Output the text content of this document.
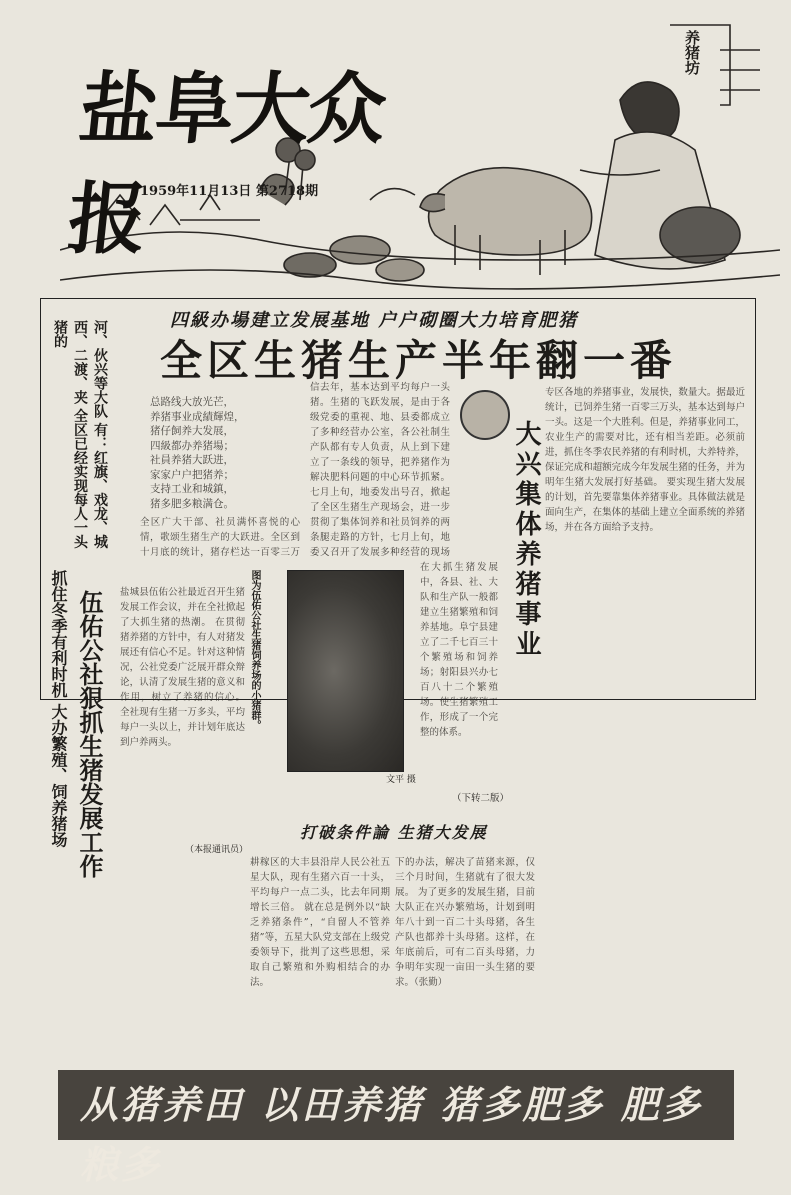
盐阜大众报
1959年11月13日 第2718期
养猪坊
四級办場建立发展基地 户户砌圈大力培育肥猪
全区生猪生产半年翻一番
河、伙兴等大队 有：红旗、戏龙、城西、二渡、夹 全区已经实现每人一头猪的
总路线大放光芒，
养猪事业成績輝煌，
猪仔飼养大发展，
四級都办养猪場；
社員养猪大跃进，
家家户户把猪养；
支持工业和城鎮，
猪多肥多粮满仓。
全区广大干部、社员满怀喜悦的心情，歌颂生猪生产的大跃进。全区到十月底的统计，猪存栏达一百零三万
信去年，基本达到平均每户一头猪。生猪的飞跃发展，是由于各级党委的重视、地、县委都成立了多种经营办公室，各公社制生产队都有专人负责，从上到下建立了一条线的领导，把养猪作为解决肥料问题的中心环节抓紧。七月上旬，地委发出号召，掀起了全区生猪生产现场会，进一步贯彻了集体饲养和社员饲养的两条腿走路的方针，七月上旬，地委又召开了发展多种经营的现场
在大抓生猪发展中，各县、社、大队和生产队一般都建立生猪繁殖和饲养基地。阜宁县建立了二千七百三十个繁殖场和饲养场；射阳县兴办七百八十二个繁殖场。使生猪繁殖工作，形成了一个完整的体系。
（下转二版）
大兴集体养猪事业
专区各地的养猪事业，发展快，数量大。据最近统计，已饲养生猪一百零三万头，基本达到每户一头。这是一个大胜利。但是，养猪事业同工，农业生产的需要对比，还有相当差距。必须前进，抓住冬季农民养猪的有利时机，大养特养，保证完成和超额完成今年发展生猪的任务，并为明年生猪大发展打好基础。 要实现生猪大发展的计划，首先要靠集体养猪事业。具体做法就是面向生产，在集体的基础上建立全面系统的养猪场，并在各方面给予支持。
抓住冬季有利时机 大办繁殖、饲养猪场 伍佑公社狠抓生猪发展工作 盐城县伍佑公社最近召开生猪发展工作会议，并在全社掀起了大抓生猪的热潮。 在贯彻猪养猪的方针中，有人对猪发展还有信心不足。针对这种情况，公社党委广泛展开群众辩论，认清了发展生猪的意义和作用，树立了养猪的信心。 全社现有生猪一万多头，平均每户一头以上，并计划年底达到户养两头。
（本报通讯员）
图为伍佑公社生猪饲养场的小猪群。
文平 摄
打破条件論 生猪大发展
耕稼区的大丰县沿岸人民公社五星大队，现有生猪六百一十头，平均每户一点二头，比去年同期增长三倍。 就在总是例外以“缺乏养猪条件”，“自留人不管养猪”等，五星大队党支部在上级党委领导下，批判了这些思想，采取自己繁殖和外购相结合的办法。
下的办法，解决了苗猪来源，仅三个月时间，生猪就有了很大发展。 为了更多的发展生猪，目前大队正在兴办繁殖场，计划到明年八十到一百二十头母猪，各生产队也都养十头母猪。这样，在年底前后，可有二百头母猪，力争明年实现一亩田一头生猪的要求。（张勤）
从猪养田 以田养猪 猪多肥多 肥多粮多
